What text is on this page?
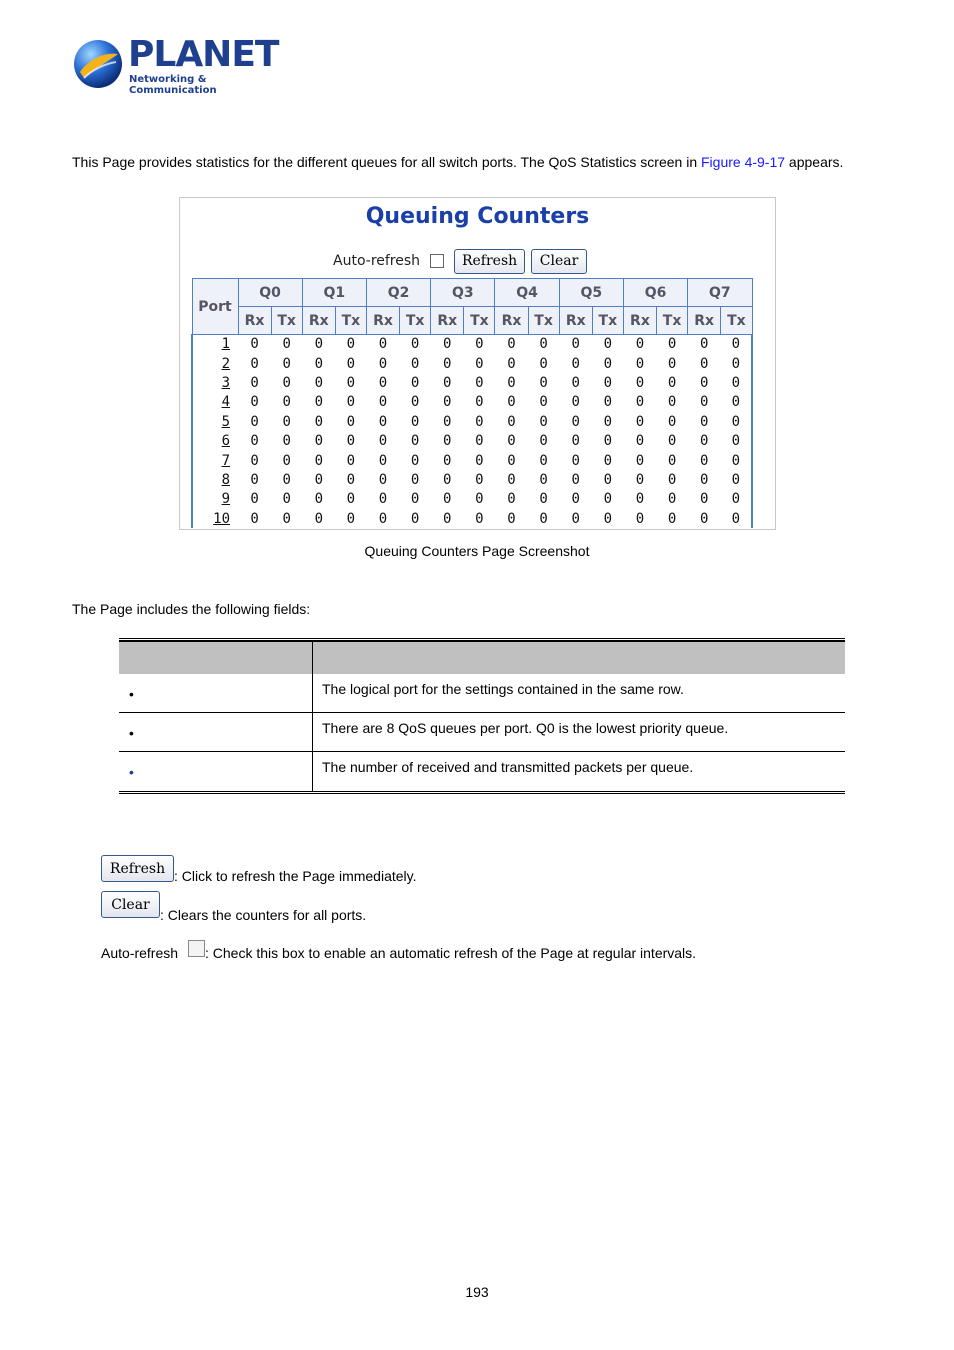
PLANET
Networking & Communication
This Page provides statistics for the different queues for all switch ports. The QoS Statistics screen in Figure 4-9-17 appears.
Queuing Counters
Auto-refresh	Refresh	Clear
Port	Q0		Q1		Q2		Q3		Q4		Q5		Q6		Q7	
	Rx	Tx	Rx	Tx	Rx	Tx	Rx	Tx	Rx	Tx	Rx	Tx	Rx	Tx	Rx	Tx
1	0	0	0	0	0	0	0	0	0	0	0	0	0	0	0	0
2	0	0	0	0	0	0	0	0	0	0	0	0	0	0	0	0
3	0	0	0	0	0	0	0	0	0	0	0	0	0	0	0	0
4	0	0	0	0	0	0	0	0	0	0	0	0	0	0	0	0
5	0	0	0	0	0	0	0	0	0	0	0	0	0	0	0	0
6	0	0	0	0	0	0	0	0	0	0	0	0	0	0	0	0
7	0	0	0	0	0	0	0	0	0	0	0	0	0	0	0	0
8	0	0	0	0	0	0	0	0	0	0	0	0	0	0	0	0
9	0	0	0	0	0	0	0	0	0	0	0	0	0	0	0	0
10	0	0	0	0	0	0	0	0	0	0	0	0	0	0	0	0
Queuing Counters Page Screenshot
The Page includes the following fields:
•	The logical port for the settings contained in the same row.
•	There are 8 QoS queues per port. Q0 is the lowest priority queue.
•	The number of received and transmitted packets per queue.
Refresh : Click to refresh the Page immediately.
Clear
: Clears the counters for all ports.
Auto-refresh : Check this box to enable an automatic refresh of the Page at regular intervals.
193
